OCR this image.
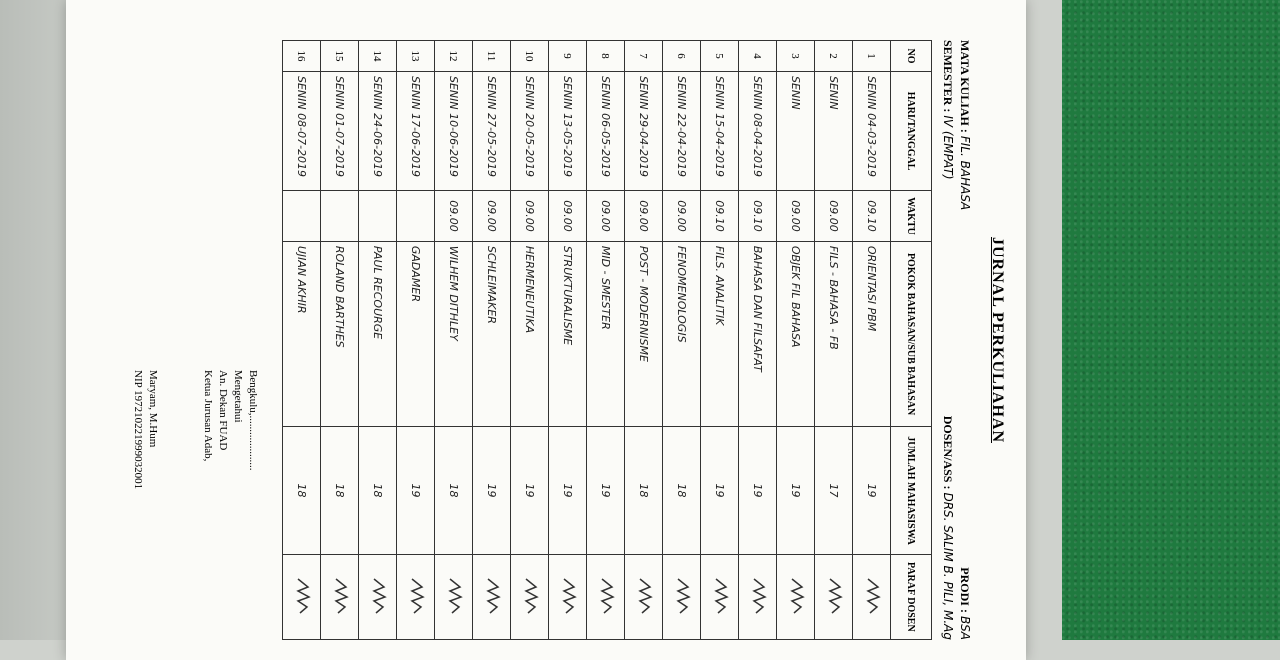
JURNAL PERKULIAHAN
MATA KULIAH : FIL. BAHASA
PRODI : BSA
SEMESTER : IV (EMPAT)
DOSEN/ASS : DRS. SALIM B. PILI, M.Ag
NO	HARI/TANGGAL	WAKTU	POKOK BAHASAN/SUB BAHASAN	JUMLAH MAHASISWA	PARAF DOSEN
1	SENIN 04-03-2019	09.10	ORIENTASI PBM	19	
2	SENIN	09.00	FILS - BAHASA - FB	17	
3	SENIN	09.00	OBJEK FIL BAHASA	19	
4	SENIN 08-04-2019	09.10	BAHASA DAN FILSAFAT	19	
5	SENIN 15-04-2019	09.10	FILS. ANALITIK	19	
6	SENIN 22-04-2019	09.00	FENOMENOLOGIS	18	
7	SENIN 29-04-2019	09.00	POST - MODERNISME	18	
8	SENIN 06-05-2019	09.00	MID - SMESTER	19	
9	SENIN 13-05-2019	09.00	STRUKTURALISME	19	
10	SENIN 20-05-2019	09.00	HERMENEUTIKA	19	
11	SENIN 27-05-2019	09.00	SCHLEIMAKER	19	
12	SENIN 10-06-2019	09.00	WILHEM DITHLEY	18	
13	SENIN 17-06-2019		GADAMER	19	
14	SENIN 24-06-2019		PAUL RECOURGE	18	
15	SENIN 01-07-2019		ROLAND BARTHES	18	
16	SENIN 08-07-2019		UJIAN AKHIR	18	
Bengkulu,....................
Mengetahui
An. Dekan FUAD
Ketua Jurusan Adab,
Maryam, M.Hum
NIP 197210221999032001
